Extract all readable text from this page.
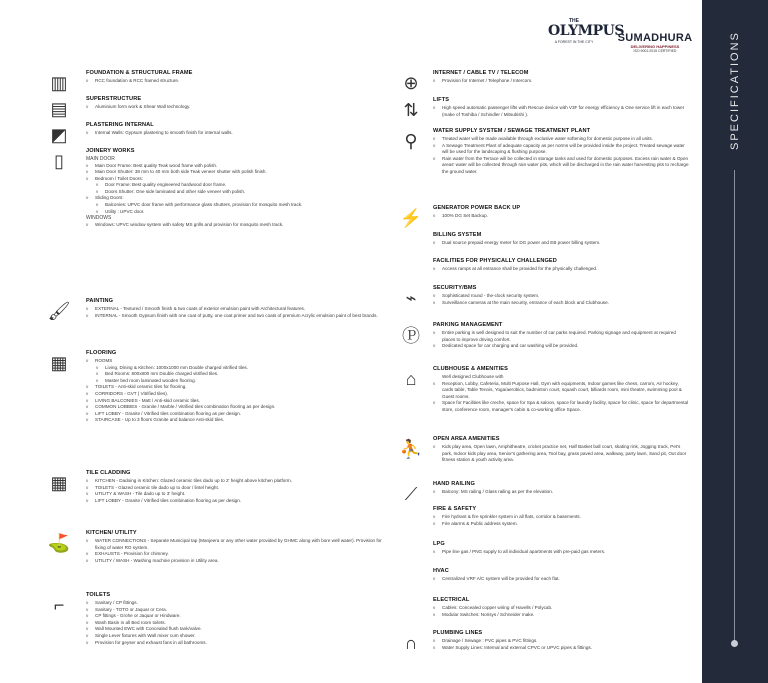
SPECIFICATIONS
THE
OLYMPUS
A FOREST IN THE CITY	SUMADHURA
DELIVERING HAPPINESS
ISO 9001:2015 CERTIFIED
▥	FOUNDATION & STRUCTURAL FRAME
ν RCC foundation & RCC framed structure.
▤	SUPERSTRUCTURE
ν Aluminium form work & Shear Wall technology.
◩	PLASTERING INTERNAL
ν Internal Walls: Gypsum plastering to smooth finish for internal walls.
▯	JOINERY WORKS
MAIN DOOR
ν Main Door Frame: Best quality Teak wood frame with polish.
ν Main Door Shutter: 38 mm to 40 mm both side Teak veneer shutter with polish finish.
ν Bedroom / Toilet Doors:
ν Door Frame: Best quality engineered hardwood door frame.
ν Doors Shutter: One side laminated and other side veneer with polish.
ν Sliding Doors:
ν Balconies: UPVC door frame with performance glass shutters, provision for mosquito mesh track.
ν Utility : UPVC door.
WINDOWS
ν Windows: UPVC window system with safety MS grills and provision for mosquito mesh track.
🖌	PAINTING
ν EXTERNAL - Textured / Smooth finish & two coats of exterior emulsion paint with Architectural features.
ν INTERNAL - Smooth Gypsum finish with one coat of putty, one coat primer and two coats of premium Acrylic emulsion paint of best brands.
▦	FLOORING
ν ROOMS
ν Living, Dining & Kitchen: 1000x1000 mm Double charged vitrified tiles.
ν Bed Rooms: 800x800 mm Double charged vitrified tiles.
ν Master bed room laminated wooden flooring.
ν TOILETS - Anti-skid ceramic tiles for flooring.
ν CORRIDORS - GVT ( Vitrified tiles).
ν LIVING BALCONIES - Matt / Anti-skid ceramic tiles.
ν COMMON LOBBIES - Granite / Marble / Vitrified tiles combination flooring as per design.
ν LIFT LOBBY - Granite / Vitrified tiles combination flooring as per design.
ν STAIRCASE - Up to 3 floors Granite and balance Anti-skid tiles.
▦	TILE CLADDING
ν KITCHEN - Dadoing in Kitchen: Glazed ceramic tiles dado up to 2' height above kitchen platform.
ν TOILETS - Glazed ceramic tile dado up to door / lintel height.
ν UTILITY & WASH - Tile dado up to 3' height.
ν LIFT LOBBY - Granite / Vitrified tiles combination flooring as per design.
⛳	KITCHEN/ UTILITY
ν WATER CONNECTIONS - Separate Municipal tap (Manjeera or any other water provided by GHMC along with bore well water). Provision for fixing of water RO system.
ν EXHAUSTS - Provision for chimney.
ν UTILITY / WASH - Washing machine provision in Utility area.
⌐	TOILETS
ν Sanitary / CP fittings.
ν Sanitary - TOTO or Jaquar or Cera.
ν CP fittings - Grohe or Jaquar or Hindware.
ν Wash Basin in all Bed room toilets.
ν Wall Mounted EWC with Concealed flush tank/valve.
ν Single Lever fixtures with Wall mixer cum shower.
ν Provision for geyser and exhaust fans in all bathrooms.
⊕	INTERNET / CABLE TV / TELECOM
ν Provision for Internet / Telephone / Intercom.
⇅	LIFTS
ν High speed automatic passenger lifts with Rescue device with V3F for energy efficiency & One service lift in each tower (make of Toshiba / Schindler / Mitsubishi ).
⚲	WATER SUPPLY SYSTEM / SEWAGE TREATMENT PLANT
ν Treated water will be made available through exclusive water softening for domestic purpose in all units.
ν A Sewage Treatment Plant of adequate capacity as per norms will be provided inside the project. Treated sewage water will be used for the landscaping & flushing purpose.
ν Rain water from the Terrace will be collected in storage tanks and used for domestic purposes. Excess rain water & Open areas' water will be collected through rain water pits, which will be discharged in the rain water harvesting pits to recharge the ground water.
⚡	GENERATOR POWER BACK UP
ν 100% DG Set Backup.
BILLING SYSTEM
ν Dual source prepaid energy meter for DG power and EB power billing system.
FACILITIES FOR PHYSICALLY CHALLENGED
ν Access ramps at all entrance shall be provided for the physically challenged.
⌁	SECURITY/BMS
ν Sophisticated round - the-clock security system.
ν Surveillance cameras at the main security, entrance of each block and Clubhouse.
Ⓟ
PARKING MANAGEMENT
ν Entire parking is well designed to suit the number of car parks required. Parking signage and equipment at required places to improve driving comfort.
ν Dedicated space for car charging and car washing will be provided.
⌂	CLUBHOUSE & AMENITIES
Well designed Clubhouse with
ν Reception, Lobby, Cafeteria, Multi Purpose Hall, Gym with equipments, Indoor games like chess, carrom, Air hockey, cards table, Table Tennis, Yoga/aerobics, badminton court, squash court, billiards room, mini theatre, swimming pool & Guest rooms.
ν Space for Facilities like creche, space for Spa & saloon, space for laundry facility, space for clinic, space for departmental store, conference room, manager's cabin & co-working office Space.
⛹	OPEN AREA AMENITIES
ν Kids play area, Open lawn, Amphitheatre, cricket practice net, Half Basket ball court, skating rink, Jogging track, Pet's park, Indoor kids play area, Senior's gathering area, Tool bay, grass paved area, walkway, party lawn, Sand pit, Out door fitness station & youth activity area.
⟋	HAND RAILING
ν Balcony: MS railing / Glass railing as per the elevation.
FIRE & SAFETY
ν Fire hydrant & fire sprinkler system in all flats, corridor & basements.
ν Fire alarms & Public address system.
LPG
ν Pipe line gas / PNG supply to all individual apartments with pre-paid gas meters.
HVAC
ν Centralized VRF A/C system will be provided for each flat.
ELECTRICAL
ν Cables: Concealed copper wiring of Havells / Polycab.
ν Modular Switches: Norisys / Schneider make.
∩	PLUMBING LINES
ν Drainage / Sewage : PVC pipes & PVC fittings.
ν Water Supply Lines: Internal and external CPVC or UPVC pipes & fittings.
